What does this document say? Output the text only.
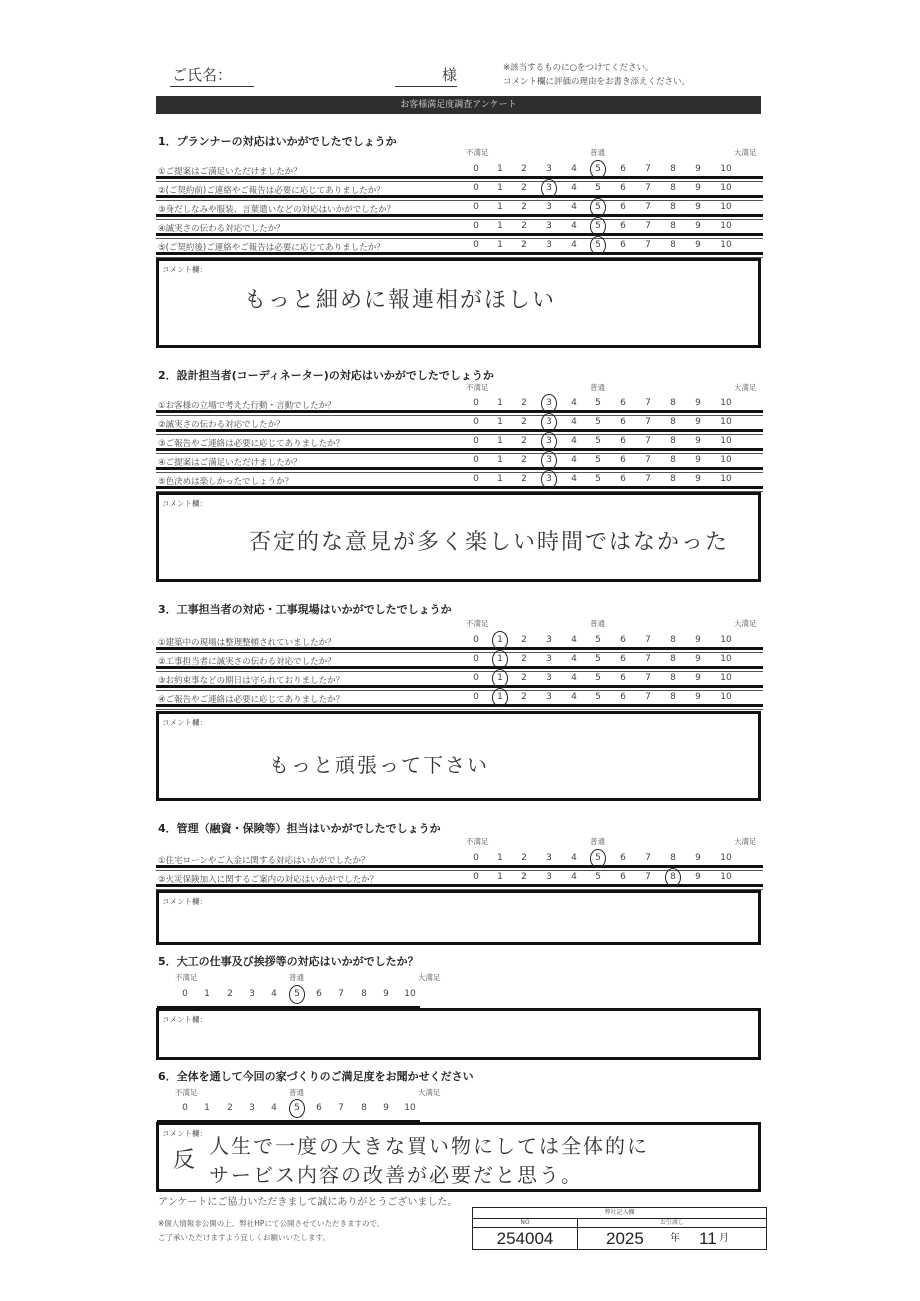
ご氏名：	様	※該当するものに○をつけてください。
コメント欄に評価の理由をお書き添えください。
お客様満足度調査アンケート
1．プランナーの対応はいかがでしたでしょうか
不満足	普通	大満足
①ご提案はご満足いただけましたか？	0	1	2	3	4	5	6	7	8	9	10
②(ご契約前)ご連絡やご報告は必要に応じてありましたか？	0	1	2	3	4	5	6	7	8	9	10
③身だしなみや服装、言葉遣いなどの対応はいかがでしたか？	0	1	2	3	4	5	6	7	8	9	10
④誠実さの伝わる対応でしたか？	0	1	2	3	4	5	6	7	8	9	10
⑤(ご契約後)ご連絡やご報告は必要に応じてありましたか？	0	1	2	3	4	5	6	7	8	9	10
コメント欄：
もっと細めに報連相がほしい
2．設計担当者(コーディネーター)の対応はいかがでしたでしょうか
不満足	普通	大満足
①お客様の立場で考えた行動・言動でしたか？	0	1	2	3	4	5	6	7	8	9	10
②誠実さの伝わる対応でしたか？	0	1	2	3	4	5	6	7	8	9	10
③ご報告やご連絡は必要に応じてありましたか？	0	1	2	3	4	5	6	7	8	9	10
④ご提案はご満足いただけましたか？	0	1	2	3	4	5	6	7	8	9	10
⑤色決めは楽しかったでしょうか？	0	1	2	3	4	5	6	7	8	9	10
コメント欄：
否定的な意見が多く楽しい時間ではなかった
3．工事担当者の対応・工事現場はいかがでしたでしょうか
不満足	普通	大満足
①建築中の現場は整理整頓されていましたか？	0	1	2	3	4	5	6	7	8	9	10
②工事担当者に誠実さの伝わる対応でしたか？	0	1	2	3	4	5	6	7	8	9	10
③お約束事などの期日は守られておりましたか？	0	1	2	3	4	5	6	7	8	9	10
④ご報告やご連絡は必要に応じてありましたか？	0	1	2	3	4	5	6	7	8	9	10
コメント欄：
もっと頑張って下さい
4．管理（融資・保険等）担当はいかがでしたでしょうか
不満足	普通	大満足
①住宅ローンやご入金に関する対応はいかがでしたか？	0	1	2	3	4	5	6	7	8	9	10
②火災保険加入に関するご案内の対応はいかがでしたか？	0	1	2	3	4	5	6	7	8	9	10
コメント欄：
5．大工の仕事及び挨拶等の対応はいかがでしたか？
不満足	普通	大満足
0	1	2	3	4	5	6	7	8	9	10
コメント欄：
6．全体を通して今回の家づくりのご満足度をお聞かせください
不満足	普通	大満足
0	1	2	3	4	5	6	7	8	9	10
コメント欄：
反
人生で一度の大きな買い物にしては全体的に
サービス内容の改善が必要だと思う。
アンケートにご協力いただきまして誠にありがとうございました。
※個人情報非公開の上、弊社HPにて公開させていただきますので、
ご了承いただけますよう宜しくお願いいたします。
弊社記入欄
NO	お引渡し
254004	2025	年 11 月
